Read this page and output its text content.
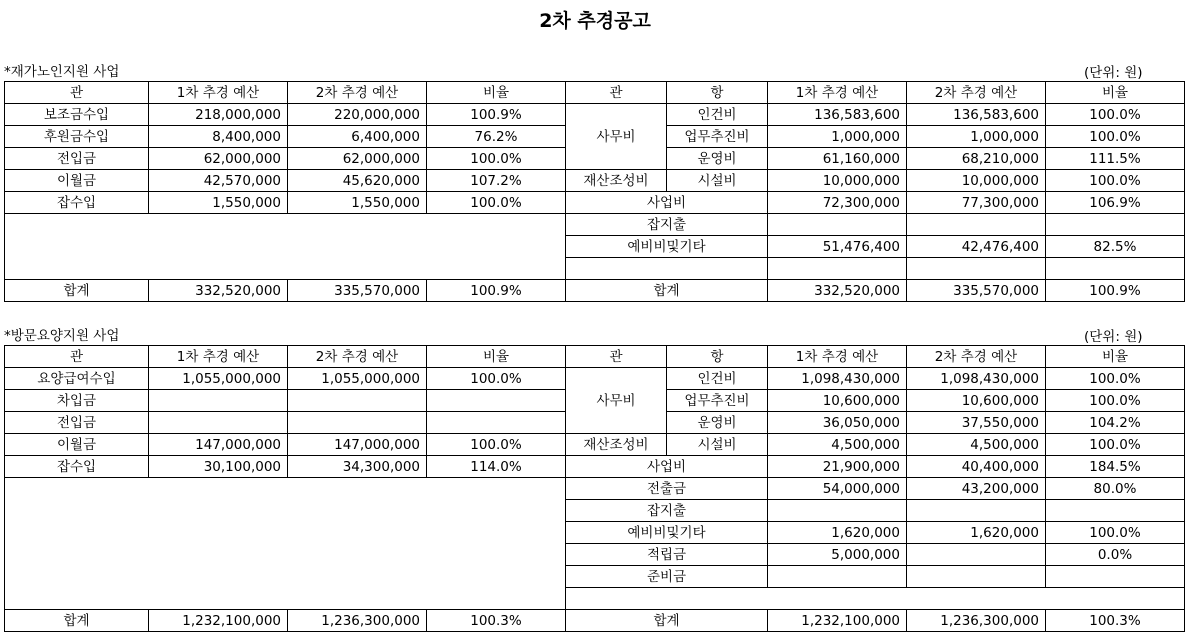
2차 추경공고
*재가노인지원 사업	(단위: 원)
관	1차 추경 예산	2차 추경 예산	비율	관	항	1차 추경 예산	2차 추경 예산	비율
보조금수입	218,000,000	220,000,000	100.9%	사무비	인건비	136,583,600	136,583,600	100.0%
후원금수입	8,400,000	6,400,000	76.2%		업무추진비	1,000,000	1,000,000	100.0%
전입금	62,000,000	62,000,000	100.0%		운영비	61,160,000	68,210,000	111.5%
이월금	42,570,000	45,620,000	107.2%	재산조성비	시설비	10,000,000	10,000,000	100.0%
잡수입	1,550,000	1,550,000	100.0%	사업비		72,300,000	77,300,000	106.9%
				잡지출				
				예비비및기타		51,476,400	42,476,400	82.5%

합계	332,520,000	335,570,000	100.9%	합계		332,520,000	335,570,000	100.9%
*방문요양지원 사업	(단위: 원)
관	1차 추경 예산	2차 추경 예산	비율	관	항	1차 추경 예산	2차 추경 예산	비율
요양급여수입	1,055,000,000	1,055,000,000	100.0%	사무비	인건비	1,098,430,000	1,098,430,000	100.0%
차입금					업무추진비	10,600,000	10,600,000	100.0%
전입금					운영비	36,050,000	37,550,000	104.2%
이월금	147,000,000	147,000,000	100.0%	재산조성비	시설비	4,500,000	4,500,000	100.0%
잡수입	30,100,000	34,300,000	114.0%	사업비		21,900,000	40,400,000	184.5%
				전출금		54,000,000	43,200,000	80.0%
				잡지출				
				예비비및기타		1,620,000	1,620,000	100.0%
				적립금		5,000,000		0.0%
				준비금				

합계	1,232,100,000	1,236,300,000	100.3%	합계		1,232,100,000	1,236,300,000	100.3%
